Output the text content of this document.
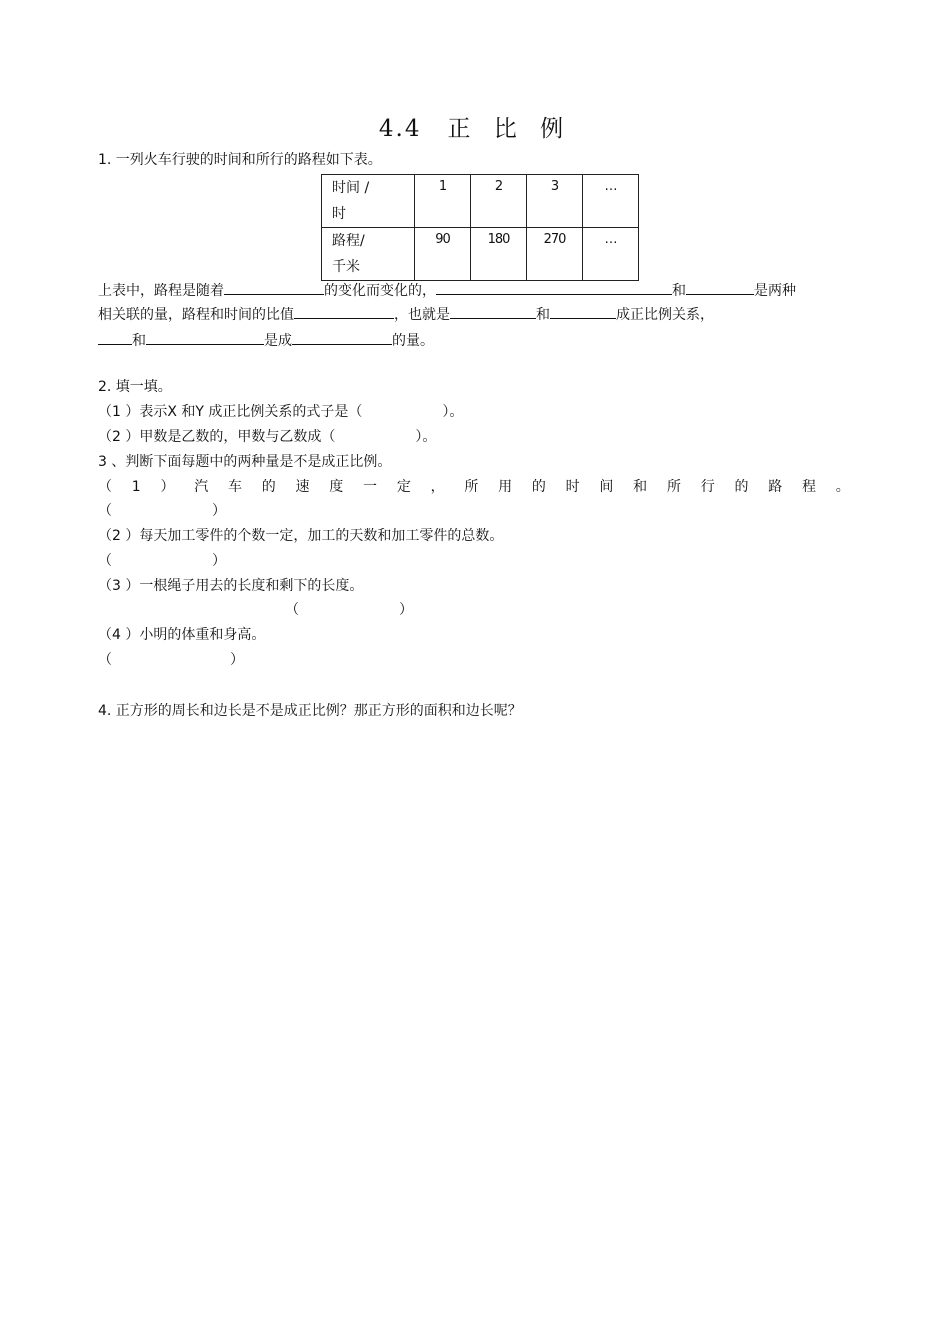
4.4 正 比 例
1. 一列火车行驶的时间和所行的路程如下表。
时间 /
时	1	2	3	…

路程/
千米	90	180	270	…
上表中，路程是随着	的变化而变化的，	和	是两种
相关联的量，路程和时间的比值	，也就是	和	成正比例关系，
和	是成	的量。
2. 填一填。
（1 ）表示X 和Y 成正比例关系的式子是（	）。
（2 ）甲数是乙数的，甲数与乙数成（	）。
3 、判断下面每题中的两种量是不是成正比例。
（ 1 ） 汽 车 的 速 度 一 定 ， 所 用 的 时 间 和 所 行 的 路 程 。
（	）
（2 ）每天加工零件的个数一定，加工的天数和加工零件的总数。
（	）
（3 ）一根绳子用去的长度和剩下的长度。
（	）
（4 ）小明的体重和身高。
（	）
4. 正方形的周长和边长是不是成正比例？那正方形的面积和边长呢？
